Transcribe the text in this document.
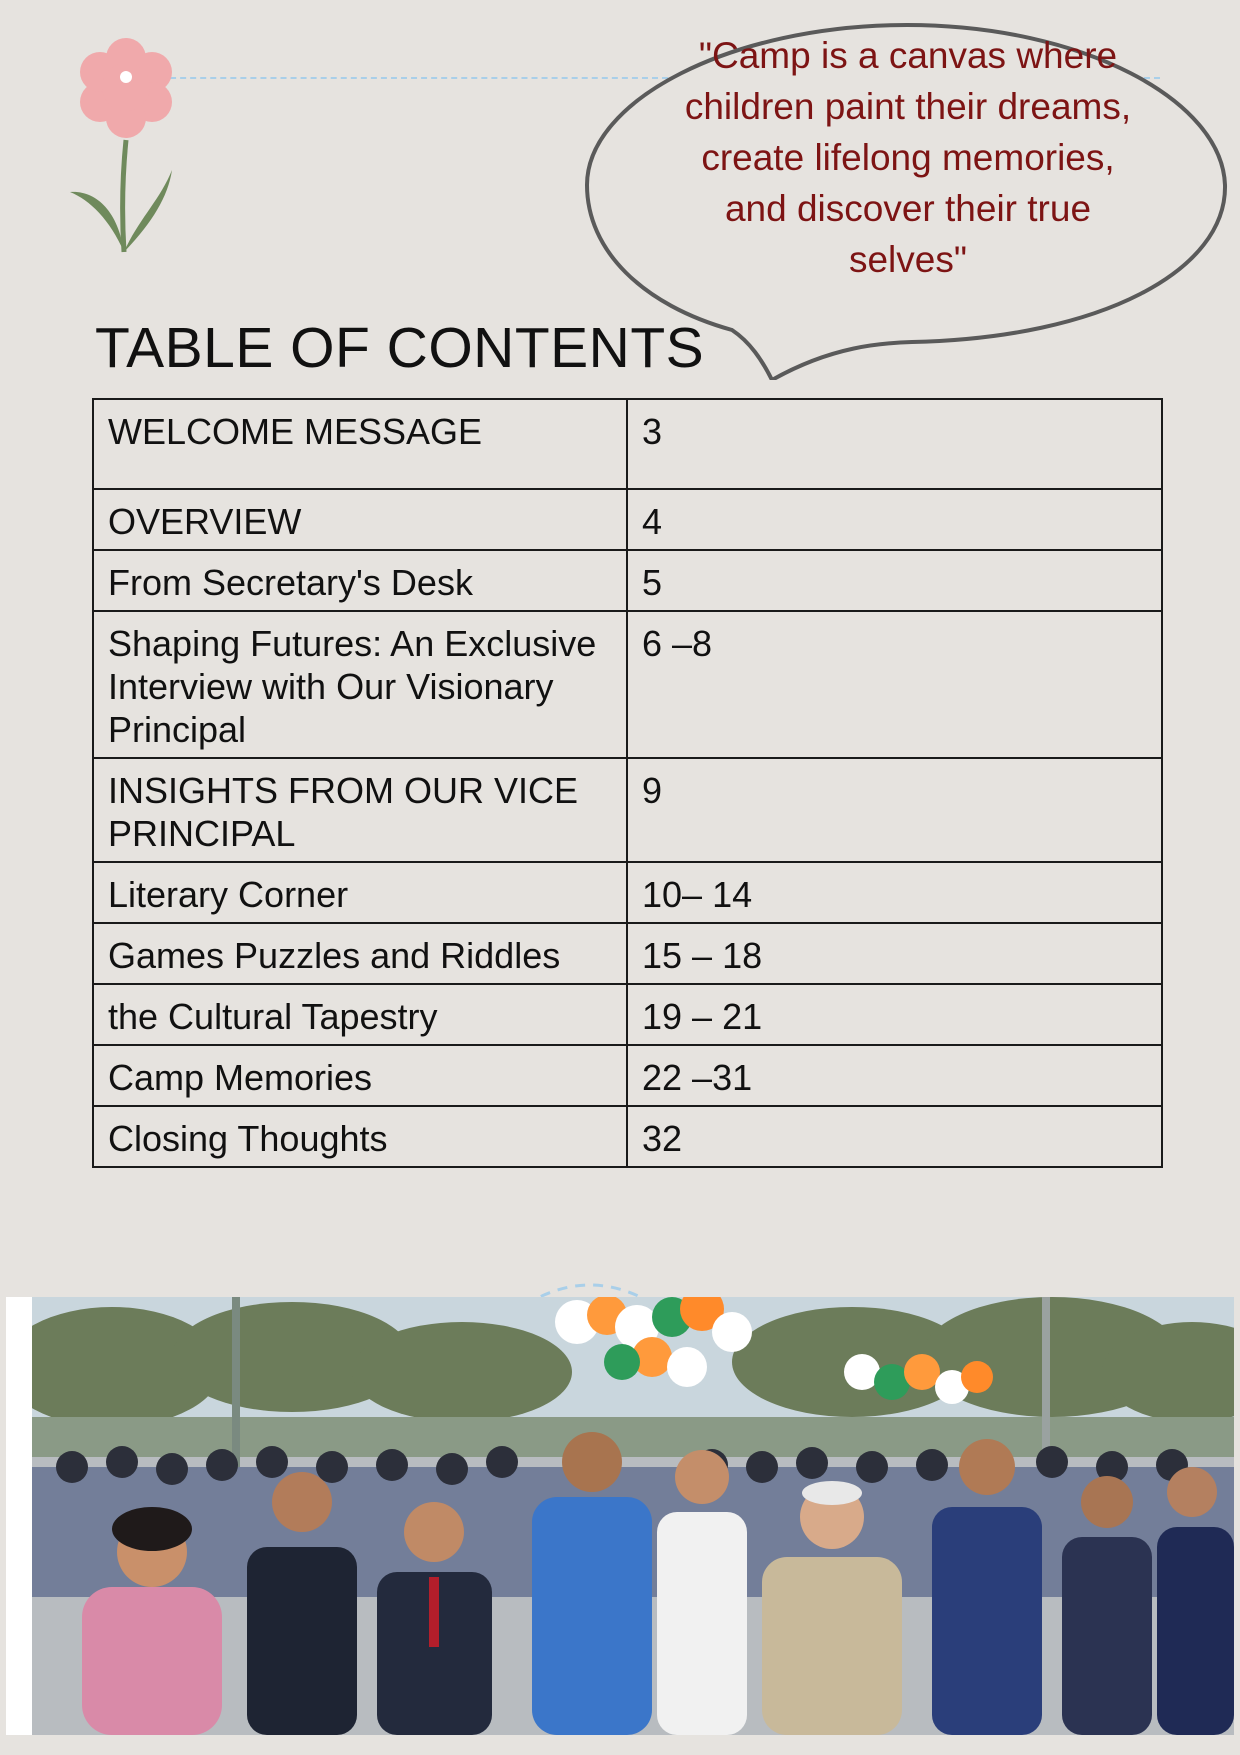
"Camp is a canvas where children paint their dreams, create lifelong memories, and discover their true selves"

TABLE OF CONTENTS
WELCOME MESSAGE	3
OVERVIEW	4
From Secretary's Desk	5
Shaping Futures: An Exclusive Interview with Our Visionary Principal	6 –8
INSIGHTS FROM OUR VICE PRINCIPAL	9
Literary Corner	10– 14
Games Puzzles and Riddles	15 – 18
the Cultural Tapestry	19 – 21
Camp Memories	22 –31
Closing Thoughts	32
